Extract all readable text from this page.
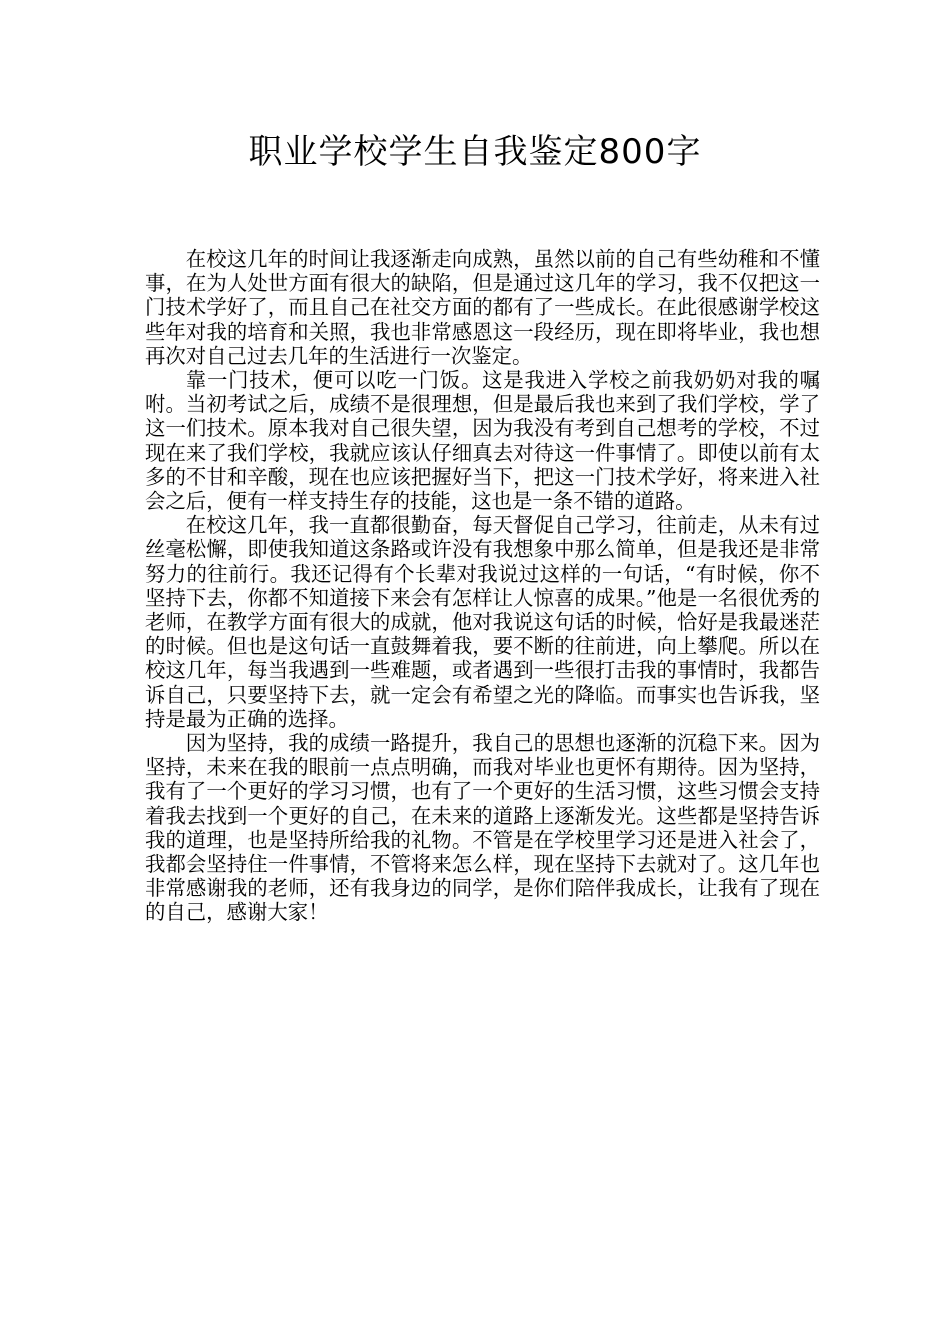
职业学校学生自我鉴定800字

在校这几年的时间让我逐渐走向成熟，虽然以前的自己有些幼稚和不懂事，在为人处世方面有很大的缺陷，但是通过这几年的学习，我不仅把这一门技术学好了，而且自己在社交方面的都有了一些成长。在此很感谢学校这些年对我的培育和关照，我也非常感恩这一段经历，现在即将毕业，我也想再次对自己过去几年的生活进行一次鉴定。

靠一门技术，便可以吃一门饭。这是我进入学校之前我奶奶对我的嘱咐。当初考试之后，成绩不是很理想，但是最后我也来到了我们学校，学了这一们技术。原本我对自己很失望，因为我没有考到自己想考的学校，不过现在来了我们学校，我就应该认仔细真去对待这一件事情了。即使以前有太多的不甘和辛酸，现在也应该把握好当下，把这一门技术学好，将来进入社会之后，便有一样支持生存的技能，这也是一条不错的道路。

在校这几年，我一直都很勤奋，每天督促自己学习，往前走，从未有过丝毫松懈，即使我知道这条路或许没有我想象中那么简单，但是我还是非常努力的往前行。我还记得有个长辈对我说过这样的一句话，“有时候，你不坚持下去，你都不知道接下来会有怎样让人惊喜的成果。”他是一名很优秀的老师，在教学方面有很大的成就，他对我说这句话的时候，恰好是我最迷茫的时候。但也是这句话一直鼓舞着我，要不断的往前进，向上攀爬。所以在校这几年，每当我遇到一些难题，或者遇到一些很打击我的事情时，我都告诉自己，只要坚持下去，就一定会有希望之光的降临。而事实也告诉我，坚持是最为正确的选择。

因为坚持，我的成绩一路提升，我自己的思想也逐渐的沉稳下来。因为坚持，未来在我的眼前一点点明确，而我对毕业也更怀有期待。因为坚持，我有了一个更好的学习习惯，也有了一个更好的生活习惯，这些习惯会支持着我去找到一个更好的自己，在未来的道路上逐渐发光。这些都是坚持告诉我的道理，也是坚持所给我的礼物。不管是在学校里学习还是进入社会了，我都会坚持住一件事情，不管将来怎么样，现在坚持下去就对了。这几年也非常感谢我的老师，还有我身边的同学，是你们陪伴我成长，让我有了现在的自己，感谢大家！
